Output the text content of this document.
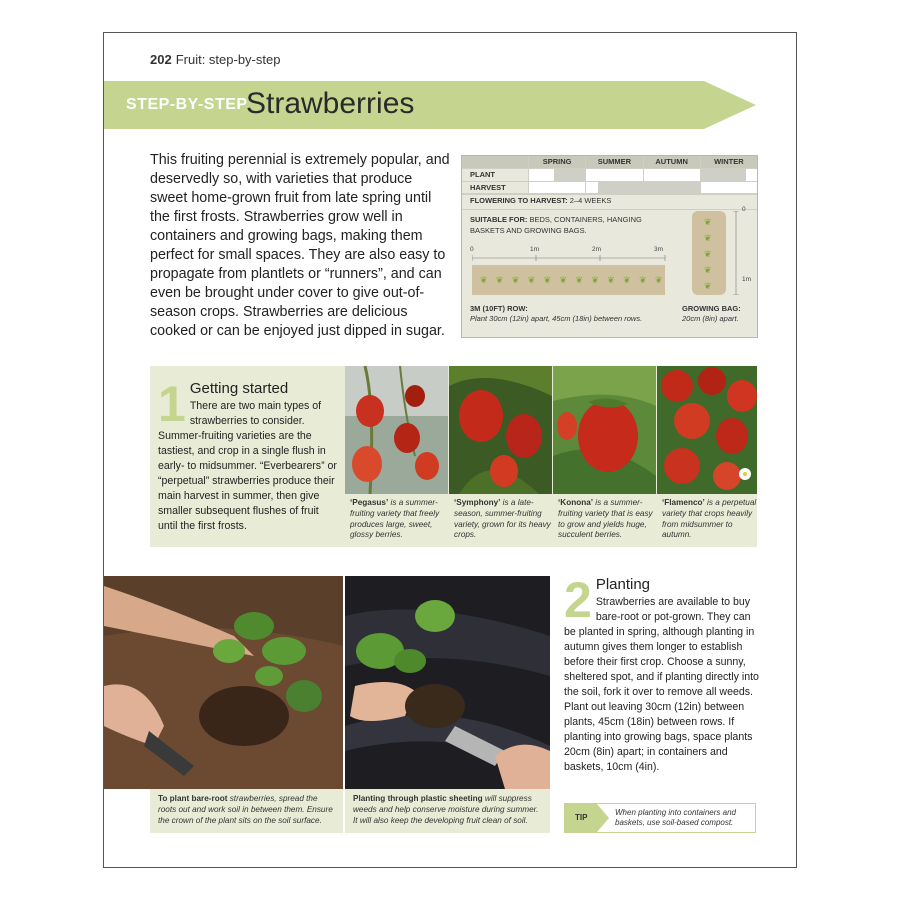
202 Fruit: step-by-step
STEP-BY-STEP
Strawberries
This fruiting perennial is extremely popular, and deservedly so, with varieties that produce sweet home-grown fruit from late spring until the first frosts. Strawberries grow well in containers and growing bags, making them perfect for small spaces. They are also easy to propagate from plantlets or “runners”, and can even be brought under cover to give out-of-season crops. Strawberries are delicious cooked or can be enjoyed just dipped in sugar.
SPRING	SUMMER	AUTUMN	WINTER
PLANT
HARVEST
FLOWERING TO HARVEST: 2–4 WEEKS
SUITABLE FOR: BEDS, CONTAINERS, HANGING BASKETS AND GROWING BAGS.
0	1m	2m	3m
❦ ❦ ❦ ❦ ❦ ❦ ❦ ❦ ❦ ❦ ❦ ❦
❦
❦
❦
❦
❦
0
1m
3M (10FT) ROW:
Plant 30cm (12in) apart, 45cm (18in) between rows.
GROWING BAG:
20cm (8in) apart.
1 Getting started
There are two main types of strawberries to consider. Summer-fruiting varieties are the tastiest, and crop in a single flush in early- to midsummer. “Everbearers” or “perpetual” strawberries produce their main harvest in summer, then give smaller subsequent flushes of fruit until the first frosts.
‘Pegasus’ is a summer-fruiting variety that freely produces large, sweet, glossy berries.
‘Symphony’ is a late-season, summer-fruiting variety, grown for its heavy crops.
‘Konona’ is a summer-fruiting variety that is easy to grow and yields huge, succulent berries.
‘Flamenco’ is a perpetual variety that crops heavily from midsummer to autumn.
To plant bare-root strawberries, spread the roots out and work soil in between them. Ensure the crown of the plant sits on the soil surface.
Planting through plastic sheeting will suppress weeds and help conserve moisture during summer. It will also keep the developing fruit clean of soil.
2 Planting
Strawberries are available to buy bare-root or pot-grown. They can be planted in spring, although planting in autumn gives them longer to establish before their first crop. Choose a sunny, sheltered spot, and if planting directly into the soil, fork it over to remove all weeds. Plant out leaving 30cm (12in) between plants, 45cm (18in) between rows. If planting into growing bags, space plants 20cm (8in) apart; in containers and baskets, 10cm (4in).
TIP
When planting into containers and baskets, use soil-based compost.
